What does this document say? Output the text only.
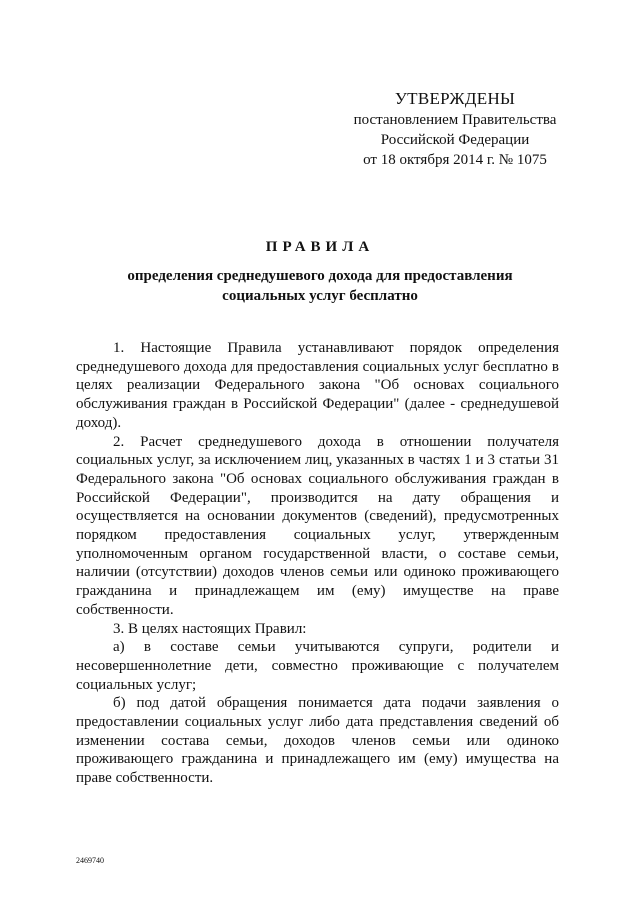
УТВЕРЖДЕНЫ
постановлением Правительства
Российской Федерации
от 18 октября 2014 г. № 1075
ПРАВИЛА
определения среднедушевого дохода для предоставления
социальных услуг бесплатно

1. Настоящие Правила устанавливают порядок определения среднедушевого дохода для предоставления социальных услуг бесплатно в целях реализации Федерального закона "Об основах социального обслуживания граждан в Российской Федерации" (далее - среднедушевой доход).

2. Расчет среднедушевого дохода в отношении получателя социальных услуг, за исключением лиц, указанных в частях 1 и 3 статьи 31 Федерального закона "Об основах социального обслуживания граждан в Российской Федерации", производится на дату обращения и осуществляется на основании документов (сведений), предусмотренных порядком предоставления социальных услуг, утвержденным уполномоченным органом государственной власти, о составе семьи, наличии (отсутствии) доходов членов семьи или одиноко проживающего гражданина и принадлежащем им (ему) имуществе на праве собственности.

3. В целях настоящих Правил:

а) в составе семьи учитываются супруги, родители и несовершеннолетние дети, совместно проживающие с получателем социальных услуг;

б) под датой обращения понимается дата подачи заявления о предоставлении социальных услуг либо дата представления сведений об изменении состава семьи, доходов членов семьи или одиноко проживающего гражданина и принадлежащего им (ему) имущества на праве собственности.

2469740
